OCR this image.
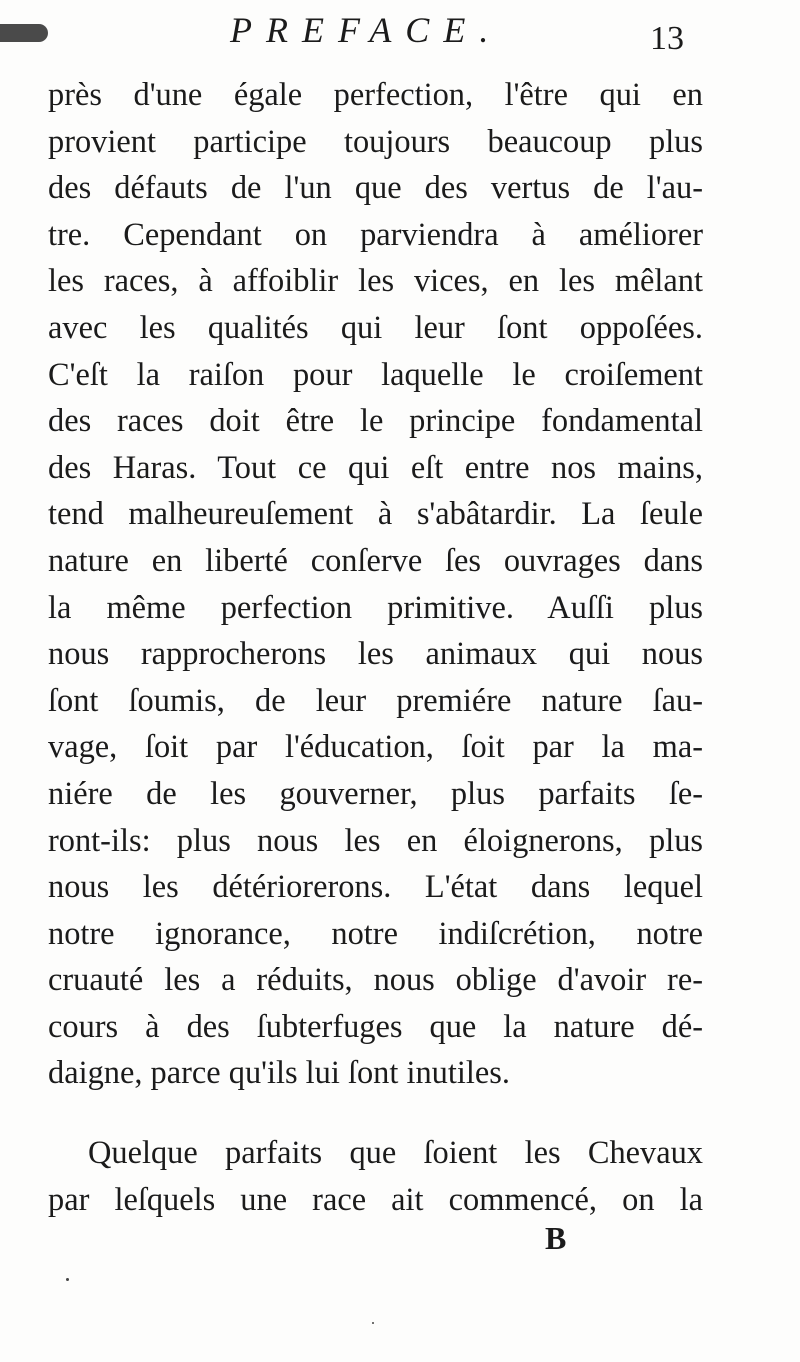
PREFACE.	13
près d'une égale perfection, l'être qui en
provient participe toujours beaucoup plus
des défauts de l'un que des vertus de l'au-
tre. Cependant on parviendra à améliorer
les races, à affoiblir les vices, en les mêlant
avec les qualités qui leur ſont oppoſées.
C'eſt la raiſon pour laquelle le croiſement
des races doit être le principe fondamental
des Haras. Tout ce qui eſt entre nos mains,
tend malheureuſement à s'abâtardir. La ſeule
nature en liberté conſerve ſes ouvrages dans
la même perfection primitive. Auſſi plus
nous rapprocherons les animaux qui nous
ſont ſoumis, de leur premiére nature ſau-
vage, ſoit par l'éducation, ſoit par la ma-
niére de les gouverner, plus parfaits ſe-
ront-ils: plus nous les en éloignerons, plus
nous les détériorerons. L'état dans lequel
notre ignorance, notre indiſcrétion, notre
cruauté les a réduits, nous oblige d'avoir re-
cours à des ſubterfuges que la nature dé-
daigne, parce qu'ils lui ſont inutiles.
Quelque parfaits que ſoient les Chevaux
par leſquels une race ait commencé, on la
B
